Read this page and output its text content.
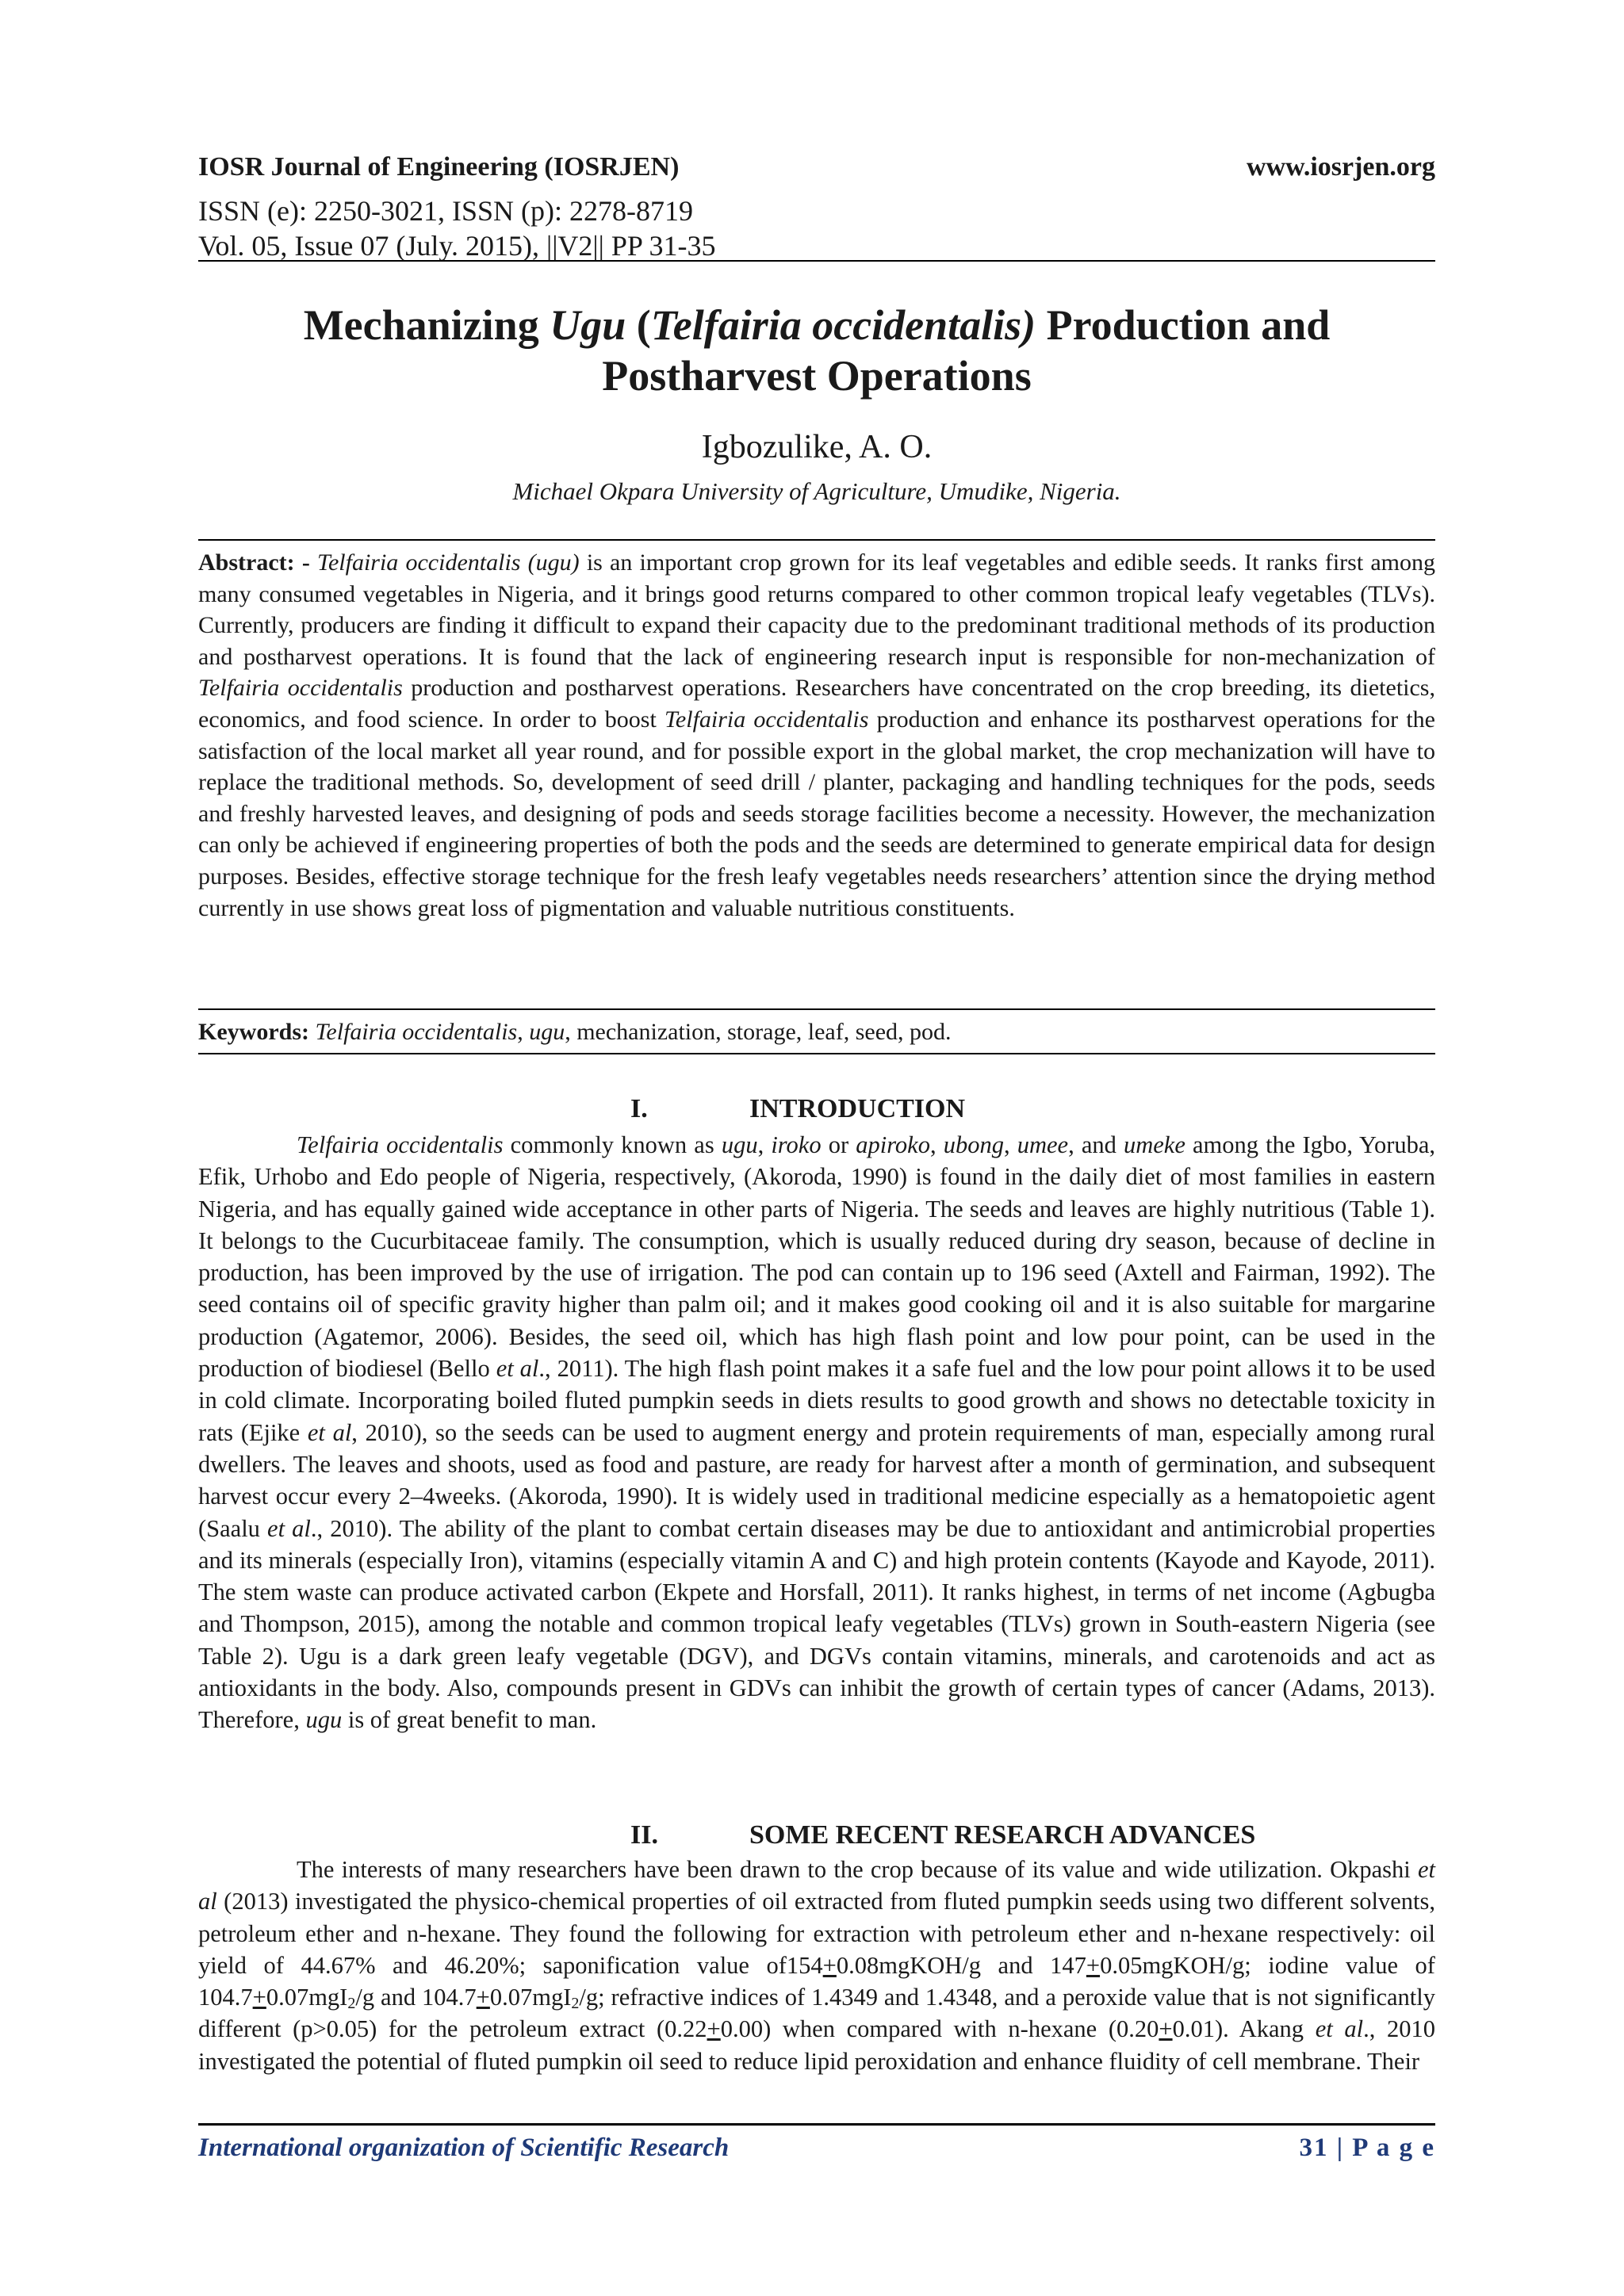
IOSR Journal of Engineering (IOSRJEN)	www.iosrjen.org
ISSN (e): 2250-3021, ISSN (p): 2278-8719
Vol. 05, Issue 07 (July. 2015), ||V2|| PP 31-35
Mechanizing Ugu (Telfairia occidentalis) Production and
Postharvest Operations
Igbozulike, A. O.
Michael Okpara University of Agriculture, Umudike, Nigeria.
Abstract: - Telfairia occidentalis (ugu) is an important crop grown for its leaf vegetables and edible seeds. It ranks first among many consumed vegetables in Nigeria, and it brings good returns compared to other common tropical leafy vegetables (TLVs). Currently, producers are finding it difficult to expand their capacity due to the predominant traditional methods of its production and postharvest operations. It is found that the lack of engineering research input is responsible for non-mechanization of Telfairia occidentalis production and postharvest operations. Researchers have concentrated on the crop breeding, its dietetics, economics, and food science. In order to boost Telfairia occidentalis production and enhance its postharvest operations for the satisfaction of the local market all year round, and for possible export in the global market, the crop mechanization will have to replace the traditional methods. So, development of seed drill / planter, packaging and handling techniques for the pods, seeds and freshly harvested leaves, and designing of pods and seeds storage facilities become a necessity. However, the mechanization can only be achieved if engineering properties of both the pods and the seeds are determined to generate empirical data for design purposes. Besides, effective storage technique for the fresh leafy vegetables needs researchers’ attention since the drying method currently in use shows great loss of pigmentation and valuable nutritious constituents.
Keywords: Telfairia occidentalis, ugu, mechanization, storage, leaf, seed, pod.
I.	INTRODUCTION
Telfairia occidentalis commonly known as ugu, iroko or apiroko, ubong, umee, and umeke among the Igbo, Yoruba, Efik, Urhobo and Edo people of Nigeria, respectively, (Akoroda, 1990) is found in the daily diet of most families in eastern Nigeria, and has equally gained wide acceptance in other parts of Nigeria. The seeds and leaves are highly nutritious (Table 1). It belongs to the Cucurbitaceae family. The consumption, which is usually reduced during dry season, because of decline in production, has been improved by the use of irrigation. The pod can contain up to 196 seed (Axtell and Fairman, 1992). The seed contains oil of specific gravity higher than palm oil; and it makes good cooking oil and it is also suitable for margarine production (Agatemor, 2006). Besides, the seed oil, which has high flash point and low pour point, can be used in the production of biodiesel (Bello et al., 2011). The high flash point makes it a safe fuel and the low pour point allows it to be used in cold climate. Incorporating boiled fluted pumpkin seeds in diets results to good growth and shows no detectable toxicity in rats (Ejike et al, 2010), so the seeds can be used to augment energy and protein requirements of man, especially among rural dwellers. The leaves and shoots, used as food and pasture, are ready for harvest after a month of germination, and subsequent harvest occur every 2–4weeks. (Akoroda, 1990). It is widely used in traditional medicine especially as a hematopoietic agent (Saalu et al., 2010). The ability of the plant to combat certain diseases may be due to antioxidant and antimicrobial properties and its minerals (especially Iron), vitamins (especially vitamin A and C) and high protein contents (Kayode and Kayode, 2011). The stem waste can produce activated carbon (Ekpete and Horsfall, 2011). It ranks highest, in terms of net income (Agbugba and Thompson, 2015), among the notable and common tropical leafy vegetables (TLVs) grown in South-eastern Nigeria (see Table 2). Ugu is a dark green leafy vegetable (DGV), and DGVs contain vitamins, minerals, and carotenoids and act as antioxidants in the body. Also, compounds present in GDVs can inhibit the growth of certain types of cancer (Adams, 2013). Therefore, ugu is of great benefit to man.
II.	SOME RECENT RESEARCH ADVANCES
The interests of many researchers have been drawn to the crop because of its value and wide utilization. Okpashi et al (2013) investigated the physico-chemical properties of oil extracted from fluted pumpkin seeds using two different solvents, petroleum ether and n-hexane. They found the following for extraction with petroleum ether and n-hexane respectively: oil yield of 44.67% and 46.20%; saponification value of154+0.08mgKOH/g and 147+0.05mgKOH/g; iodine value of 104.7+0.07mgI$_2$/g and 104.7+0.07mgI$_2$/g; refractive indices of 1.4349 and 1.4348, and a peroxide value that is not significantly different (p>0.05) for the petroleum extract (0.22+0.00) when compared with n-hexane (0.20+0.01). Akang et al., 2010 investigated the potential of fluted pumpkin oil seed to reduce lipid peroxidation and enhance fluidity of cell membrane. Their
International organization of Scientific Research	31 | P a g e
